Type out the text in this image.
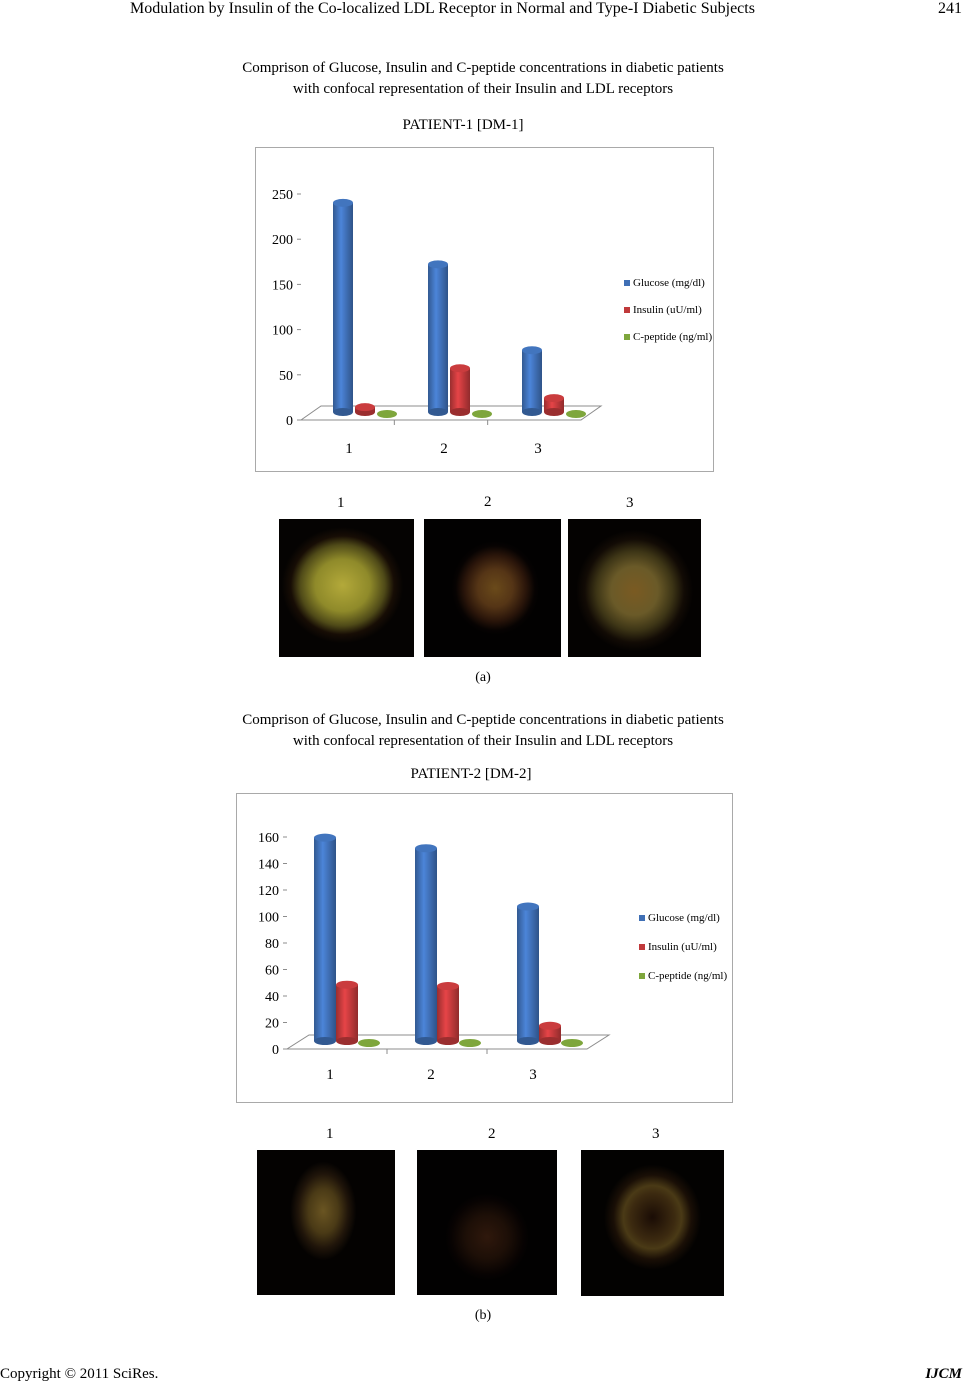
Modulation by Insulin of the Co-localized LDL Receptor in Normal and Type-I Diabetic Subjects	241
Comprison of Glucose, Insulin and C-peptide concentrations in diabetic patients
with confocal representation of their Insulin and LDL receptors
PATIENT-1 [DM-1]
0
50
100
150
200
250
1	2	3
Glucose (mg/dl)
Insulin (uU/ml)
C-peptide (ng/ml)
1	2	3
(a)
Comprison of Glucose, Insulin and C-peptide concentrations in diabetic patients
with confocal representation of their Insulin and LDL receptors
PATIENT-2 [DM-2]
0
20
40
60
80
100
120
140
160
1	2	3
Glucose (mg/dl)
Insulin (uU/ml)
C-peptide (ng/ml)
1	2	3
(b)
Copyright © 2011 SciRes.	IJCM
